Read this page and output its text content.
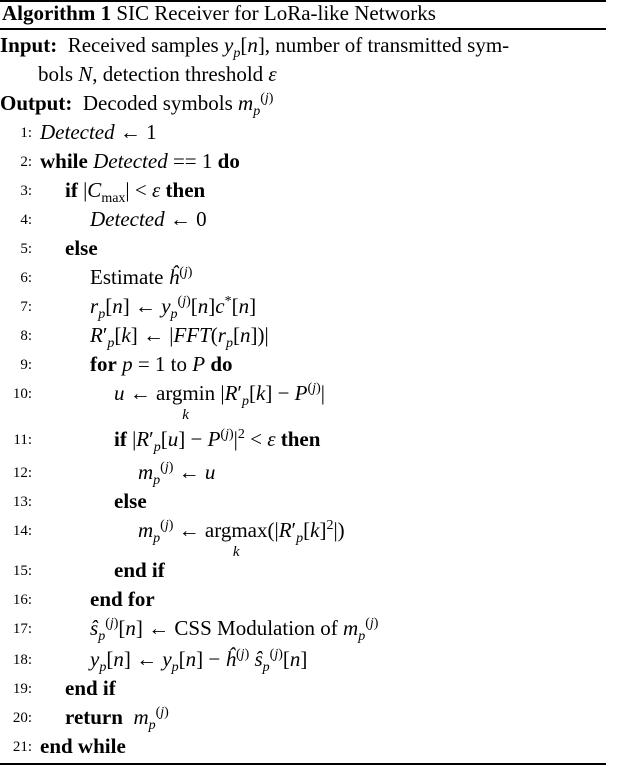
Algorithm 1 SIC Receiver for LoRa-like Networks
Input:  Received samples $y_p[n]$, number of transmitted sym-
bols N, detection threshold ε
Output:  Decoded symbols $m_p^{(j)}$
1: Detected ← 1
2: while Detected == 1 do
3: if $|C_{max}| < \varepsilon$ then
4:	Detected ← 0
5: else
6:	Estimate $ĥ^{(j)}$
7:	$r_p[n]$ ← $y_p^{(j)}[n]c^*[n]$
8:	$R'_p[k]$ ← $|FFT(r_p[n])|$
9:	for p = 1 to P do
10:	u ← argmin
k
$|R'_p[k] - P^{(j)}|$
11:	if $|R'_p[u] - P^{(j)}|^2 < \varepsilon$ then
12:	$m_p^{(j)}$ ← u
13:	else
14:	$m_p^{(j)}$ ← argmax
k
$(|R'_p[k]^2|)$
15:	end if
16:	end for
17:	$ŝ_p^{(j)}[n]$ ← CSS Modulation of $m_p^{(j)}$
18:	$y_p[n]$ ← $y_p[n]$ − $ĥ^{(j)}$ $ŝ_p^{(j)}[n]$
19: end if
20: return $m_p^{(j)}$
21: end while
